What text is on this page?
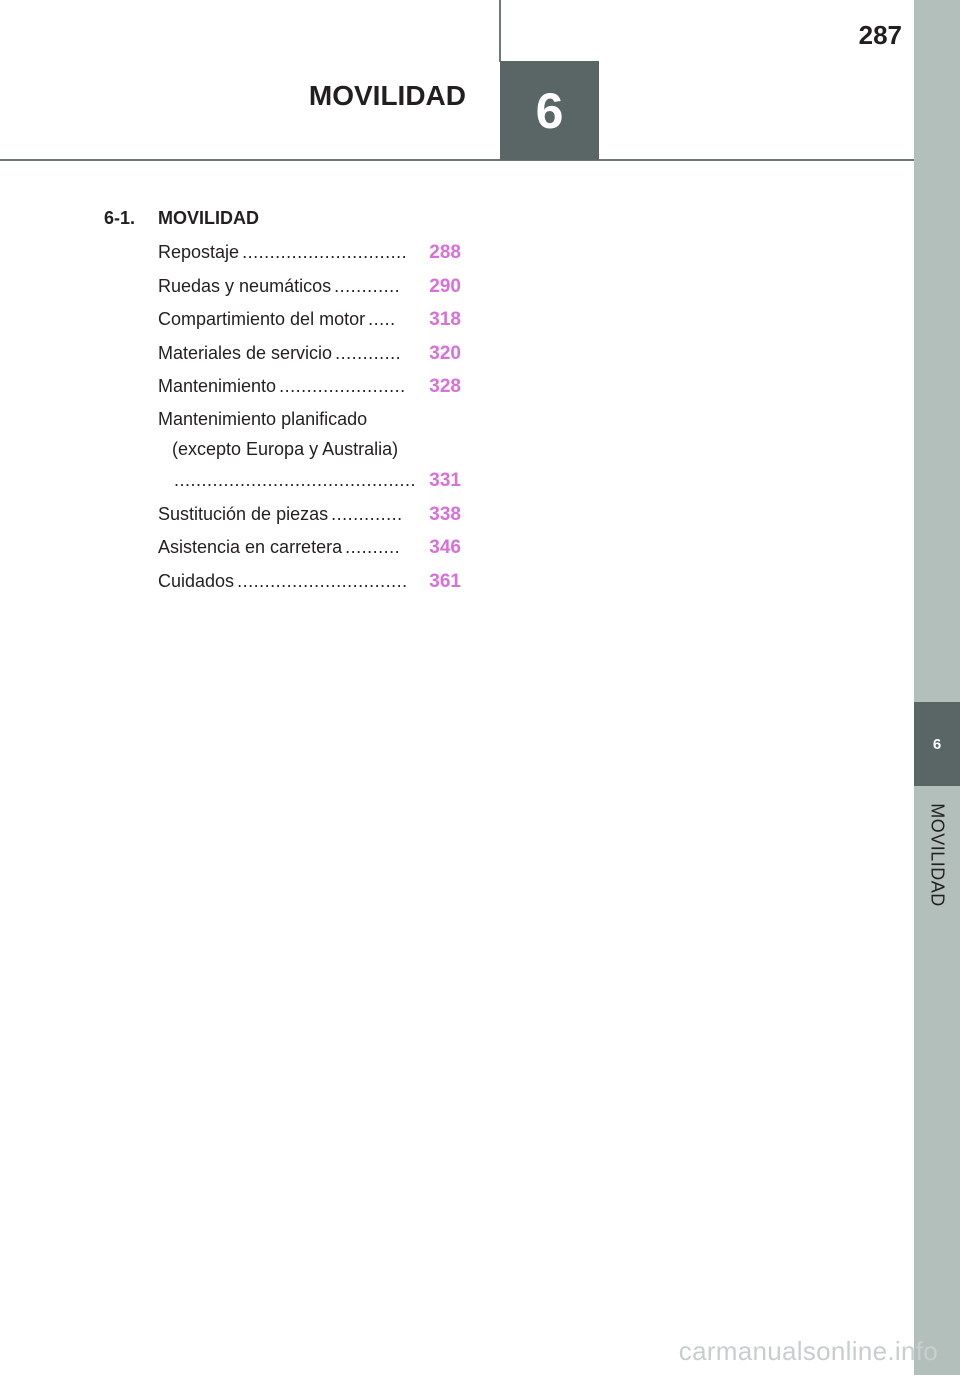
6
MOVILIDAD
6
MOVILIDAD
287
6-1. MOVILIDAD
Repostaje ..............................	288
Ruedas y neumáticos ............	290
Compartimiento del motor .....	318
Materiales de servicio ............	320
Mantenimiento .......................	328
Mantenimiento planificado
(excepto Europa y Australia)
............................................ 331
Sustitución de piezas .............	338
Asistencia en carretera ..........	346
Cuidados ...............................	361
carmanualsonline.info
